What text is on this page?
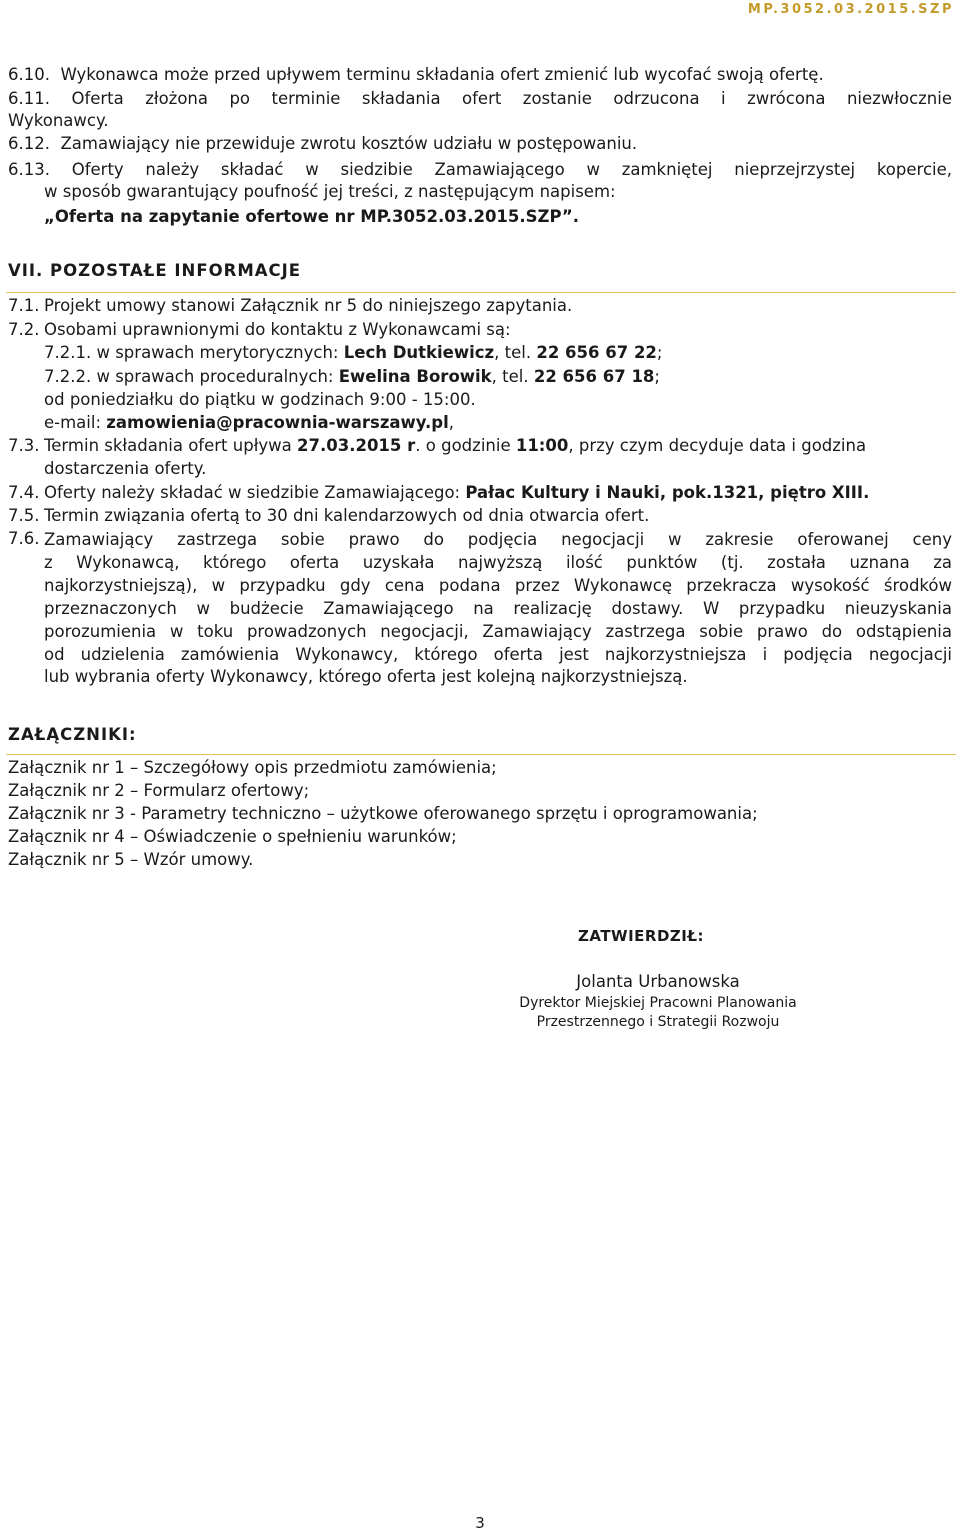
MP.3052.03.2015.SZP
6.10. Wykonawca może przed upływem terminu składania ofert zmienić lub wycofać swoją ofertę.
6.11. Oferta złożona po terminie składania ofert zostanie odrzucona i zwrócona niezwłocznie
Wykonawcy.
6.12. Zamawiający nie przewiduje zwrotu kosztów udziału w postępowaniu.
6.13. Oferty należy składać w siedzibie Zamawiającego w zamkniętej nieprzejrzystej kopercie,
w sposób gwarantujący poufność jej treści, z następującym napisem:
„Oferta na zapytanie ofertowe nr MP.3052.03.2015.SZP”.
VII. POZOSTAŁE INFORMACJE
7.1. Projekt umowy stanowi Załącznik nr 5 do niniejszego zapytania.
7.2. Osobami uprawnionymi do kontaktu z Wykonawcami są:
7.2.1. w sprawach merytorycznych: Lech Dutkiewicz, tel. 22 656 67 22;
7.2.2. w sprawach proceduralnych: Ewelina Borowik, tel. 22 656 67 18;
od poniedziałku do piątku w godzinach 9:00 - 15:00.
e-mail: zamowienia@pracownia-warszawy.pl,
7.3. Termin składania ofert upływa 27.03.2015 r. o godzinie 11:00, przy czym decyduje data i godzina
dostarczenia oferty.
7.4. Oferty należy składać w siedzibie Zamawiającego: Pałac Kultury i Nauki, pok.1321, piętro XIII.
7.5. Termin związania ofertą to 30 dni kalendarzowych od dnia otwarcia ofert.
7.6. Zamawiający zastrzega sobie prawo do podjęcia negocjacji w zakresie oferowanej ceny
z Wykonawcą, którego oferta uzyskała najwyższą ilość punktów (tj. została uznana za
najkorzystniejszą), w przypadku gdy cena podana przez Wykonawcę przekracza wysokość środków
przeznaczonych w budżecie Zamawiającego na realizację dostawy. W przypadku nieuzyskania
porozumienia w toku prowadzonych negocjacji, Zamawiający zastrzega sobie prawo do odstąpienia
od udzielenia zamówienia Wykonawcy, którego oferta jest najkorzystniejsza i podjęcia negocjacji
lub wybrania oferty Wykonawcy, którego oferta jest kolejną najkorzystniejszą.
ZAŁĄCZNIKI:
Załącznik nr 1 – Szczegółowy opis przedmiotu zamówienia;
Załącznik nr 2 – Formularz ofertowy;
Załącznik nr 3 - Parametry techniczno – użytkowe oferowanego sprzętu i oprogramowania;
Załącznik nr 4 – Oświadczenie o spełnieniu warunków;
Załącznik nr 5 – Wzór umowy.
ZATWIERDZIŁ:
Jolanta Urbanowska
Dyrektor Miejskiej Pracowni Planowania
Przestrzennego i Strategii Rozwoju
3
